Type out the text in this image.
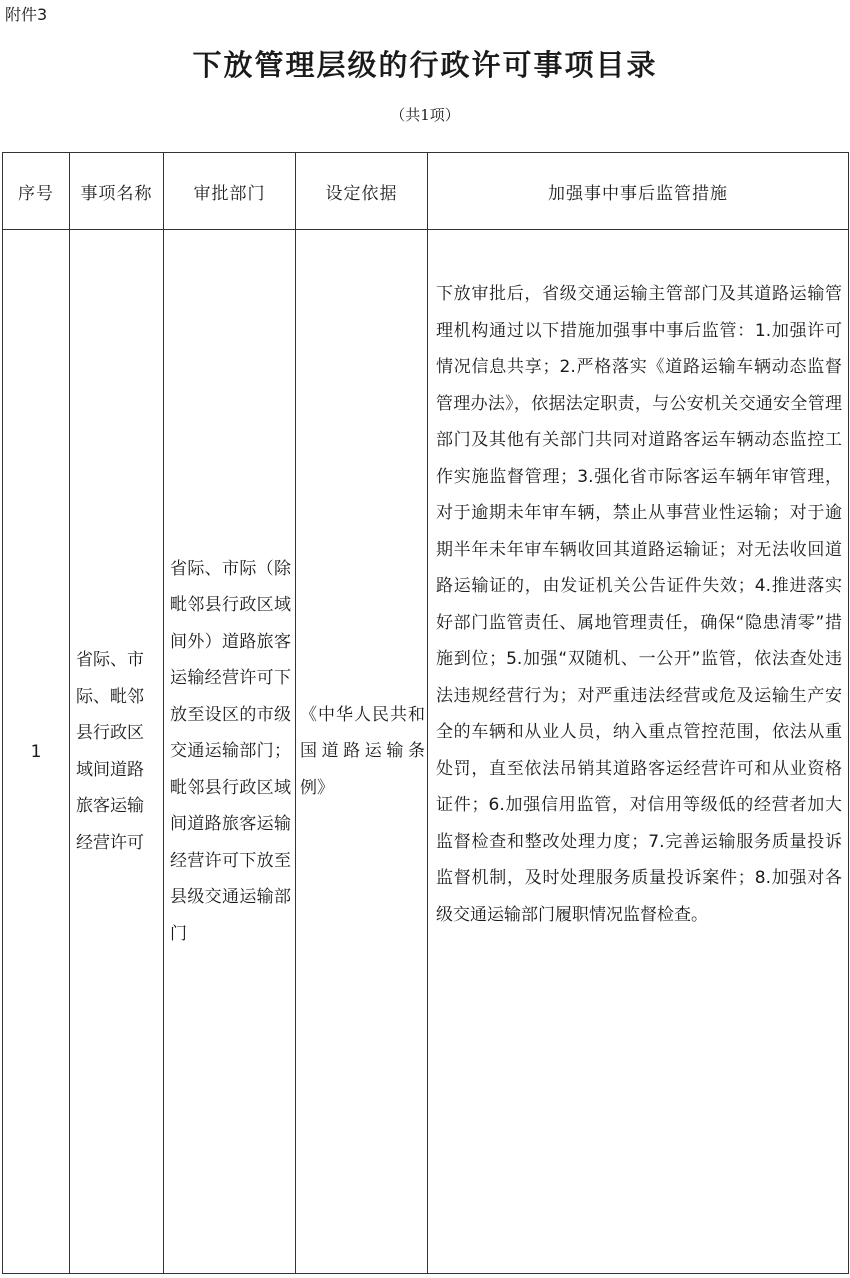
附件3
下放管理层级的行政许可事项目录
（共1项）
序号	事项名称	审批部门	设定依据	加强事中事后监管措施
1	省际、市际、毗邻县行政区域间道路旅客运输经营许可	省际、市际（除毗邻县行政区域间外）道路旅客运输经营许可下放至设区的市级交通运输部门；毗邻县行政区域间道路旅客运输经营许可下放至县级交通运输部门	《中华人民共和国道路运输条例》	下放审批后，省级交通运输主管部门及其道路运输管理机构通过以下措施加强事中事后监管：1.加强许可情况信息共享；2.严格落实《道路运输车辆动态监督管理办法》，依据法定职责，与公安机关交通安全管理部门及其他有关部门共同对道路客运车辆动态监控工作实施监督管理；3.强化省市际客运车辆年审管理，对于逾期未年审车辆，禁止从事营业性运输；对于逾期半年未年审车辆收回其道路运输证；对无法收回道路运输证的，由发证机关公告证件失效；4.推进落实好部门监管责任、属地管理责任，确保“隐患清零”措施到位；5.加强“双随机、一公开”监管，依法查处违法违规经营行为；对严重违法经营或危及运输生产安全的车辆和从业人员，纳入重点管控范围，依法从重处罚，直至依法吊销其道路客运经营许可和从业资格证件；6.加强信用监管，对信用等级低的经营者加大监督检查和整改处理力度；7.完善运输服务质量投诉监督机制，及时处理服务质量投诉案件；8.加强对各级交通运输部门履职情况监督检查。
